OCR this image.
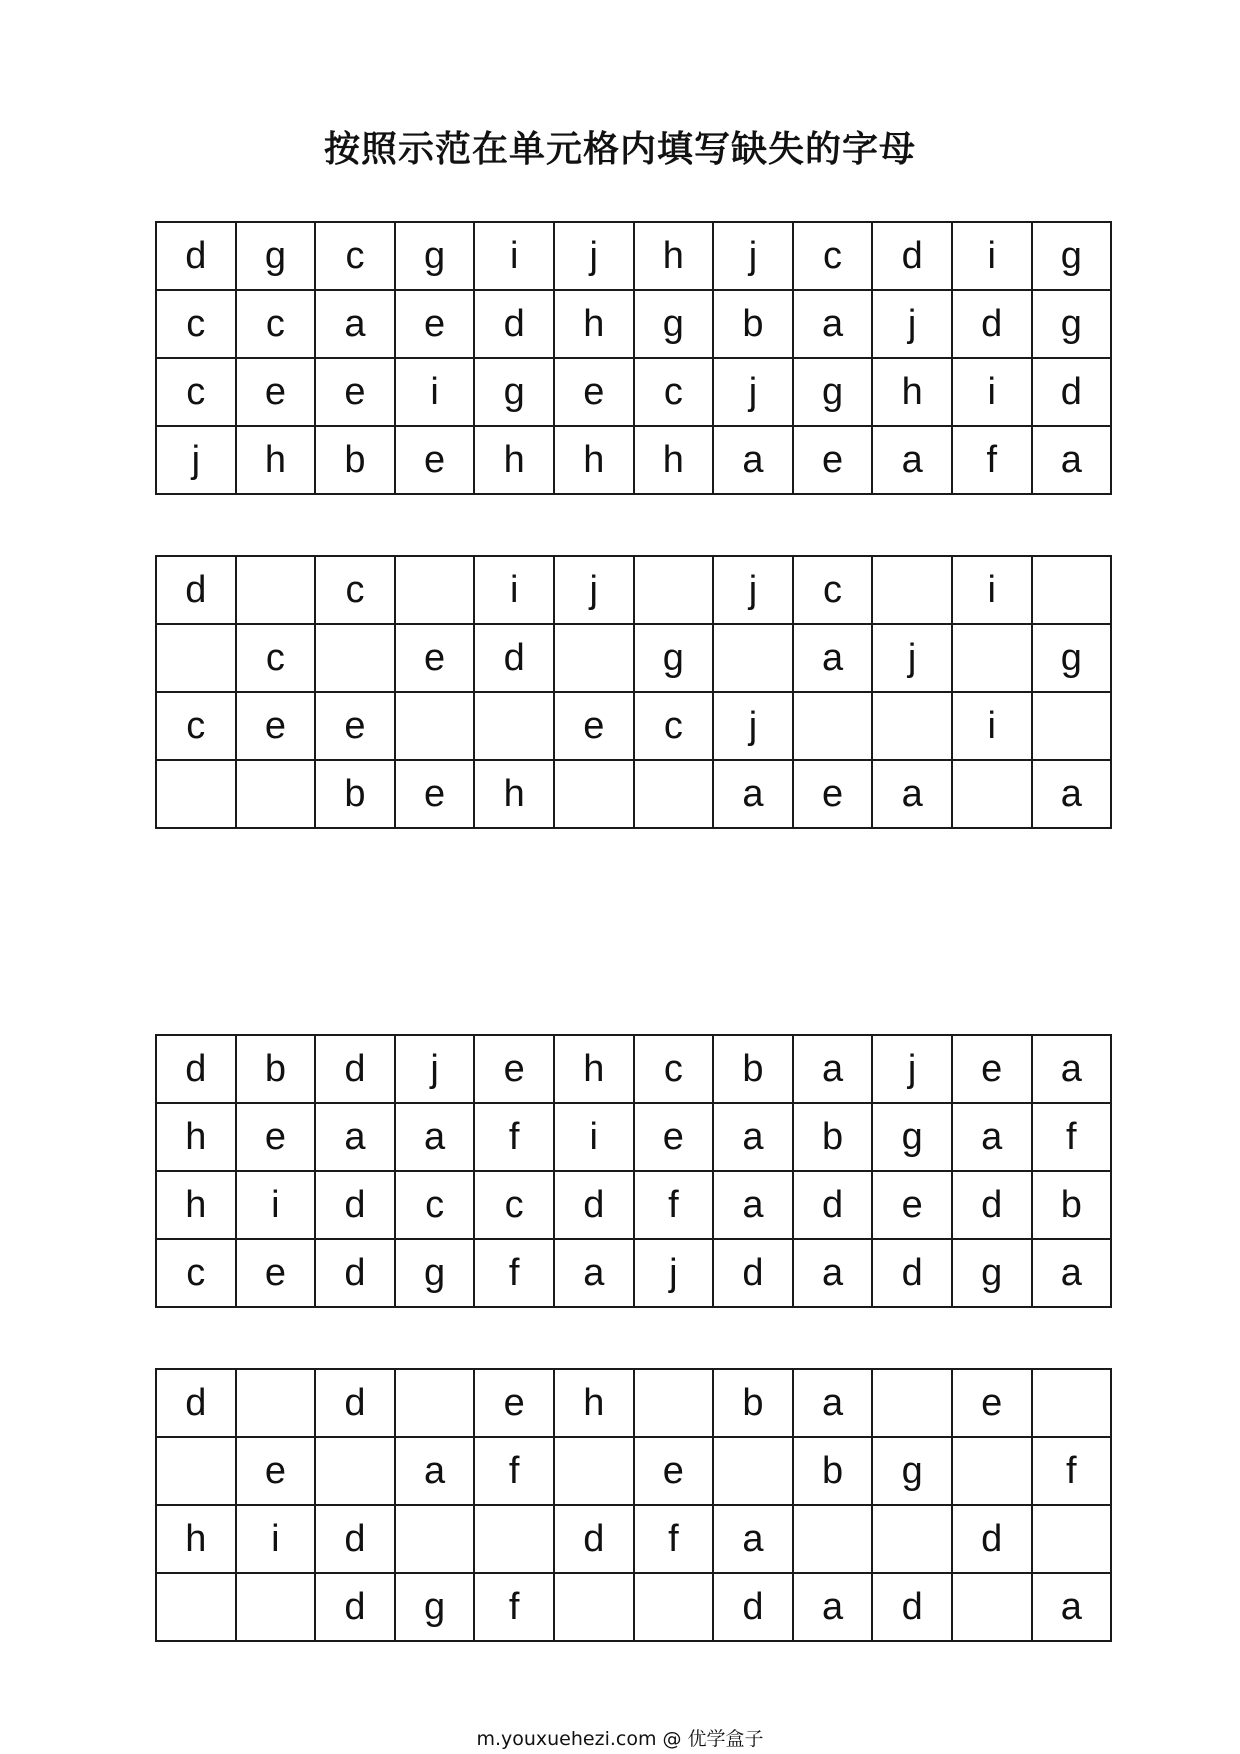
按照示范在单元格内填写缺失的字母
d	g	c	g	i	j	h	j	c	d	i	g
c	c	a	e	d	h	g	b	a	j	d	g
c	e	e	i	g	e	c	j	g	h	i	d
j	h	b	e	h	h	h	a	e	a	f	a
d		c		i	j		j	c		i	
	c		e	d		g		a	j		g
c	e	e			e	c	j			i	
		b	e	h			a	e	a		a
d	b	d	j	e	h	c	b	a	j	e	a
h	e	a	a	f	i	e	a	b	g	a	f
h	i	d	c	c	d	f	a	d	e	d	b
c	e	d	g	f	a	j	d	a	d	g	a
d		d		e	h		b	a		e	
	e		a	f		e		b	g		f
h	i	d			d	f	a			d	
		d	g	f			d	a	d		a
m.youxuehezi.com @ 优学盒子
